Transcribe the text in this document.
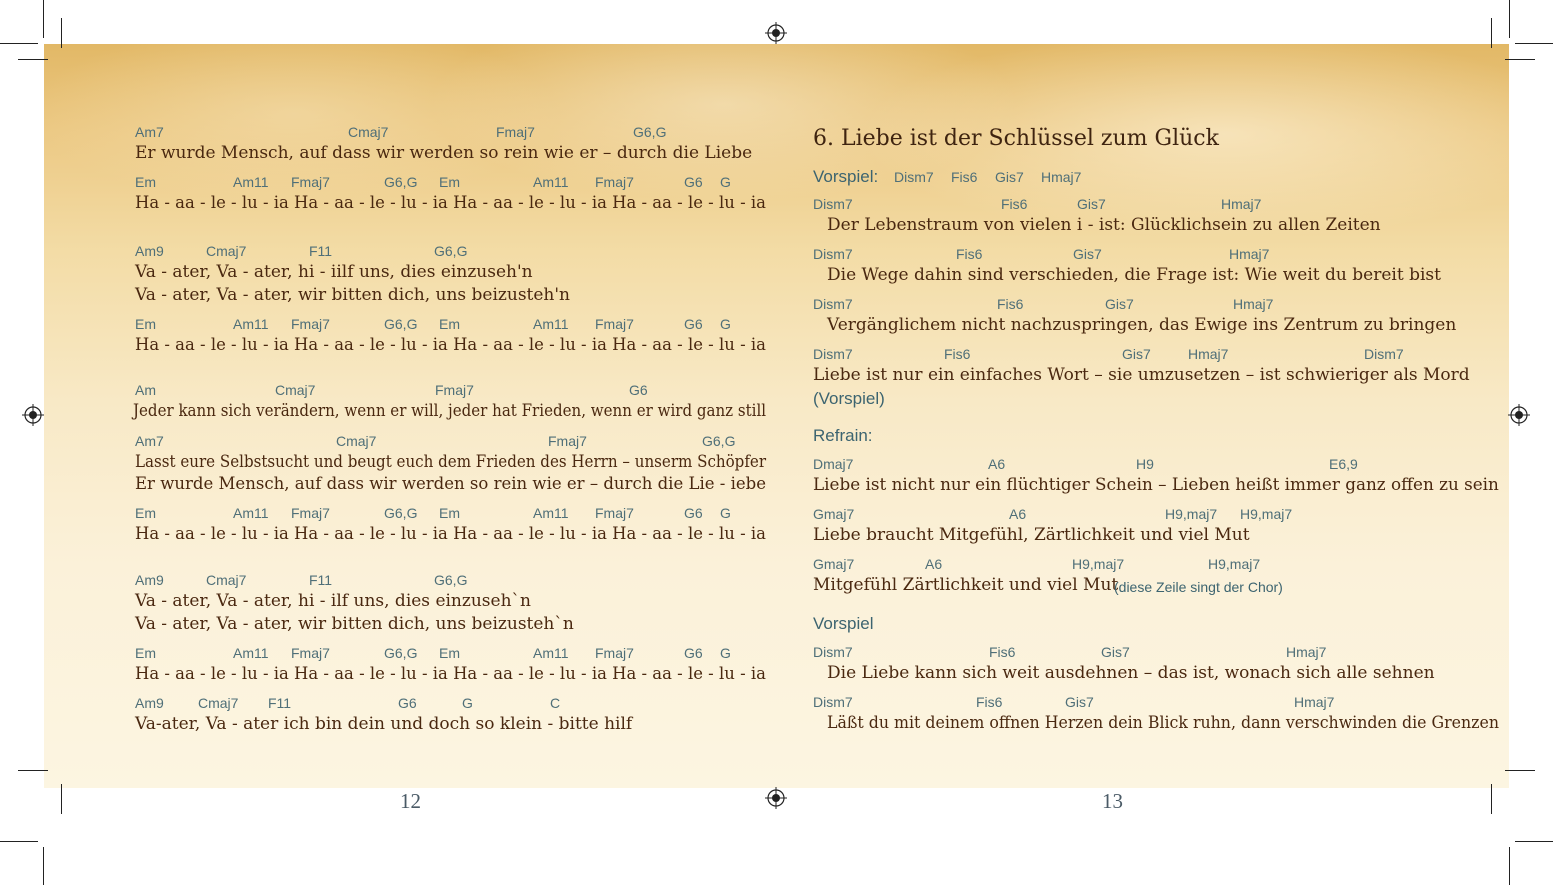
Am7	Cmaj7	Fmaj7	G6,G
Er wurde Mensch, auf dass wir werden so rein wie er – durch die Liebe
Em	Am11 Fmaj7	G6,G Em	Am11 Fmaj7	G6 G
Ha - aa - le - lu - ia Ha - aa - le - lu - ia Ha - aa - le - lu - ia Ha - aa - le - lu - ia
Am9	Cmaj7	F11	G6,G
Va - ater, Va - ater, hi - iilf uns, dies einzuseh'n
Va - ater, Va - ater, wir bitten dich, uns beizusteh'n
Em	Am11 Fmaj7	G6,G Em	Am11 Fmaj7	G6 G
Ha - aa - le - lu - ia Ha - aa - le - lu - ia Ha - aa - le - lu - ia Ha - aa - le - lu - ia
Am	Cmaj7	Fmaj7	G6
Jeder kann sich verändern, wenn er will, jeder hat Frieden, wenn er wird ganz still
Am7	Cmaj7	Fmaj7	G6,G
Lasst eure Selbstsucht und beugt euch dem Frieden des Herrn – unserm Schöpfer
Er wurde Mensch, auf dass wir werden so rein wie er – durch die Lie - iebe
Em	Am11 Fmaj7	G6,G Em	Am11 Fmaj7	G6 G
Ha - aa - le - lu - ia Ha - aa - le - lu - ia Ha - aa - le - lu - ia Ha - aa - le - lu - ia
Am9	Cmaj7	F11	G6,G
Va - ater, Va - ater, hi - ilf uns, dies einzuseh`n
Va - ater, Va - ater, wir bitten dich, uns beizusteh`n
Em	Am11 Fmaj7	G6,G Em	Am11 Fmaj7	G6 G
Ha - aa - le - lu - ia Ha - aa - le - lu - ia Ha - aa - le - lu - ia Ha - aa - le - lu - ia
Am9 Cmaj7 F11	G6	G	C
Va-ater, Va - ater ich bin dein und doch so klein - bitte hilf
6. Liebe ist der Schlüssel zum Glück
Vorspiel: Dism7 Fis6 Gis7 Hmaj7
Dism7	Fis6	Gis7	Hmaj7
Der Lebenstraum von vielen i - ist: Glücklichsein zu allen Zeiten
Dism7	Fis6	Gis7	Hmaj7
Die Wege dahin sind verschieden, die Frage ist: Wie weit du bereit bist
Dism7	Fis6	Gis7	Hmaj7
Vergänglichem nicht nachzuspringen, das Ewige ins Zentrum zu bringen
Dism7	Fis6	Gis7	Hmaj7	Dism7
Liebe ist nur ein einfaches Wort – sie umzusetzen – ist schwieriger als Mord
(Vorspiel)
Refrain:
Dmaj7	A6	H9	E6,9
Liebe ist nicht nur ein flüchtiger Schein – Lieben heißt immer ganz offen zu sein
Gmaj7	A6	H9,maj7 H9,maj7
Liebe braucht Mitgefühl, Zärtlichkeit und viel Mut
Gmaj7	A6	H9,maj7	H9,maj7
Mitgefühl Zärtlichkeit und viel Mut
(diese Zeile singt der Chor)
Vorspiel
Dism7	Fis6	Gis7	Hmaj7
Die Liebe kann sich weit ausdehnen – das ist, wonach sich alle sehnen
Dism7	Fis6	Gis7	Hmaj7
Läßt du mit deinem offnen Herzen dein Blick ruhn, dann verschwinden die Grenzen
12	13
